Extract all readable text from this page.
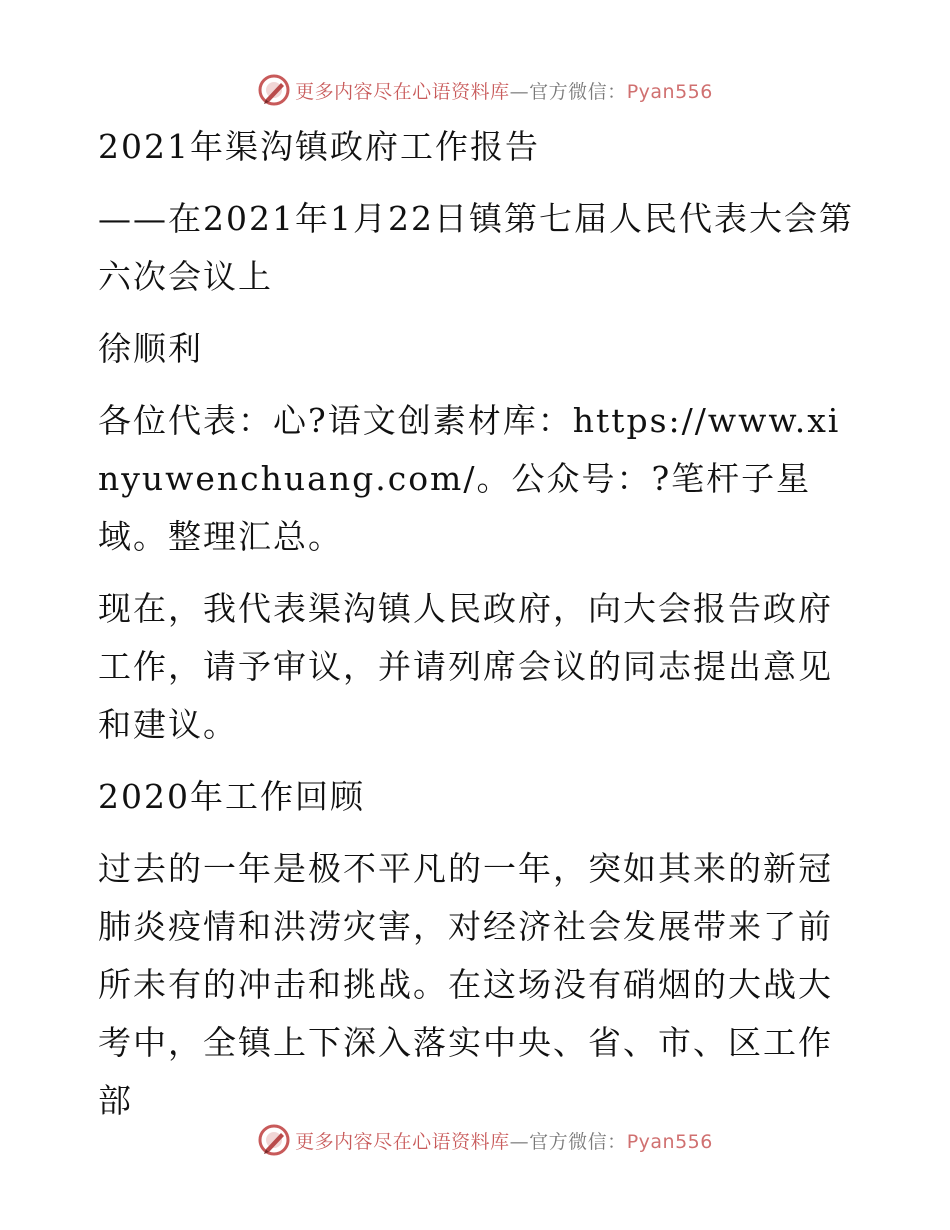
更多内容尽在心语资料库—官方微信：Pyan556

2021年渠沟镇政府工作报告

——在2021年1月22日镇第七届人民代表大会第六次会议上

徐顺利

各位代表：心?语文创素材库：https://www.xinyuwenchuang.com/。公众号：?笔杆子星域。整理汇总。

现在，我代表渠沟镇人民政府，向大会报告政府工作，请予审议，并请列席会议的同志提出意见和建议。

2020年工作回顾

过去的一年是极不平凡的一年，突如其来的新冠肺炎疫情和洪涝灾害，对经济社会发展带来了前所未有的冲击和挑战。在这场没有硝烟的大战大考中，全镇上下深入落实中央、省、市、区工作部

更多内容尽在心语资料库—官方微信：Pyan556
